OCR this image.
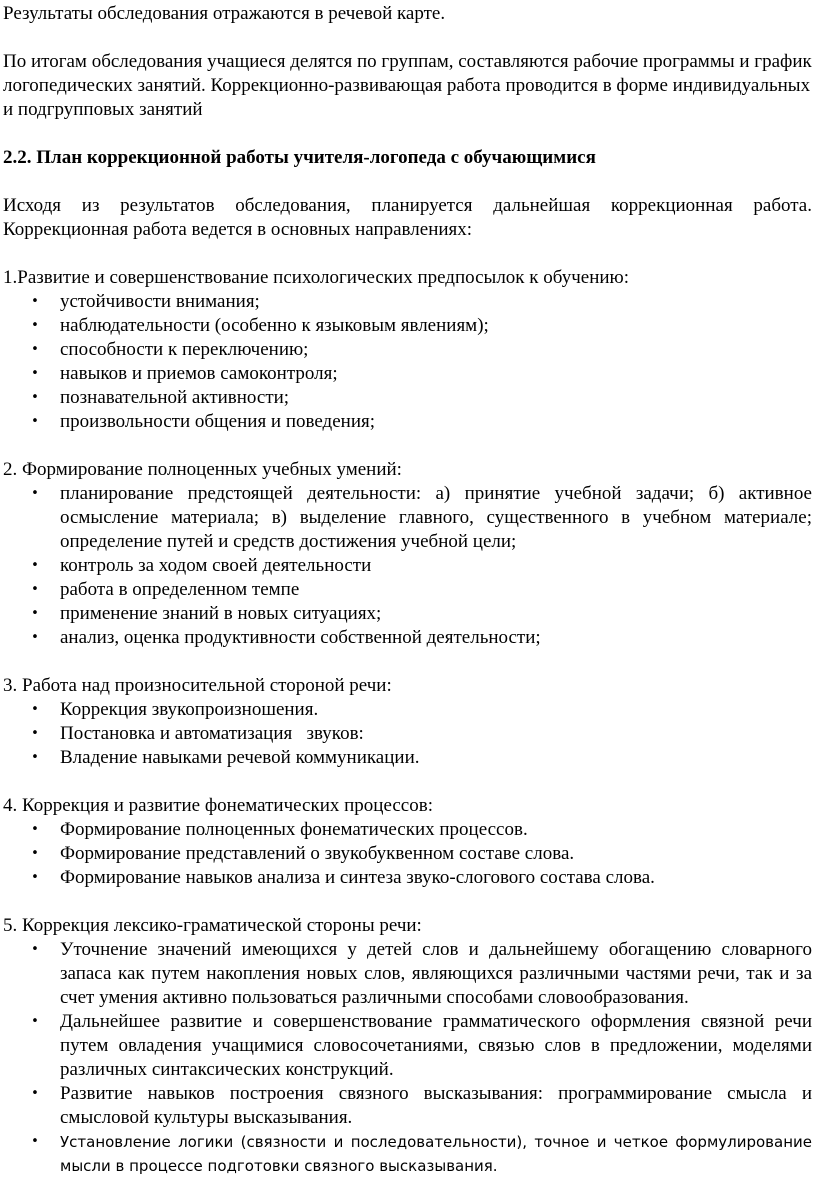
Результаты обследования отражаются в речевой карте.

По итогам обследования учащиеся делятся по группам, составляются рабочие программы и график логопедических занятий. Коррекционно-развивающая работа проводится в форме индивидуальных и подгрупповых занятий

2.2. План коррекционной работы учителя-логопеда с обучающимися

Исходя из результатов обследования, планируется дальнейшая коррекционная работа. Коррекционная работа ведется в основных направлениях:

1.Развитие и совершенствование психологических предпосылок к обучению:

• устойчивости внимания;
• наблюдательности (особенно к языковым явлениям);
• способности к переключению;
• навыков и приемов самоконтроля;
• познавательной активности;
• произвольности общения и поведения;

2. Формирование полноценных учебных умений:

• планирование предстоящей деятельности: а) принятие учебной задачи; б) активное осмысление материала; в) выделение главного, существенного в учебном материале; определение путей и средств достижения учебной цели;
• контроль за ходом своей деятельности
• работа в определенном темпе
• применение знаний в новых ситуациях;
• анализ, оценка продуктивности собственной деятельности;

3. Работа над произносительной стороной речи:

• Коррекция звукопроизношения.
• Постановка и автоматизация   звуков:
• Владение навыками речевой коммуникации.

4. Коррекция и развитие фонематических процессов:

• Формирование полноценных фонематических процессов.
• Формирование представлений о звукобуквенном составе слова.
• Формирование навыков анализа и синтеза звуко-слогового состава слова.

5. Коррекция лексико-граматической стороны речи:

• Уточнение значений имеющихся у детей слов и дальнейшему обогащению словарного запаса как путем накопления новых слов, являющихся различными частями речи, так и за счет умения активно пользоваться различными способами словообразования.
• Дальнейшее развитие и совершенствование грамматического оформления связной речи путем овладения учащимися словосочетаниями, связью слов в предложении, моделями различных синтаксических конструкций.
• Развитие навыков построения связного высказывания: программирование смысла и смысловой культуры высказывания.
• Установление логики (связности и последовательности), точное и четкое формулирование мысли в процессе подготовки связного высказывания.
